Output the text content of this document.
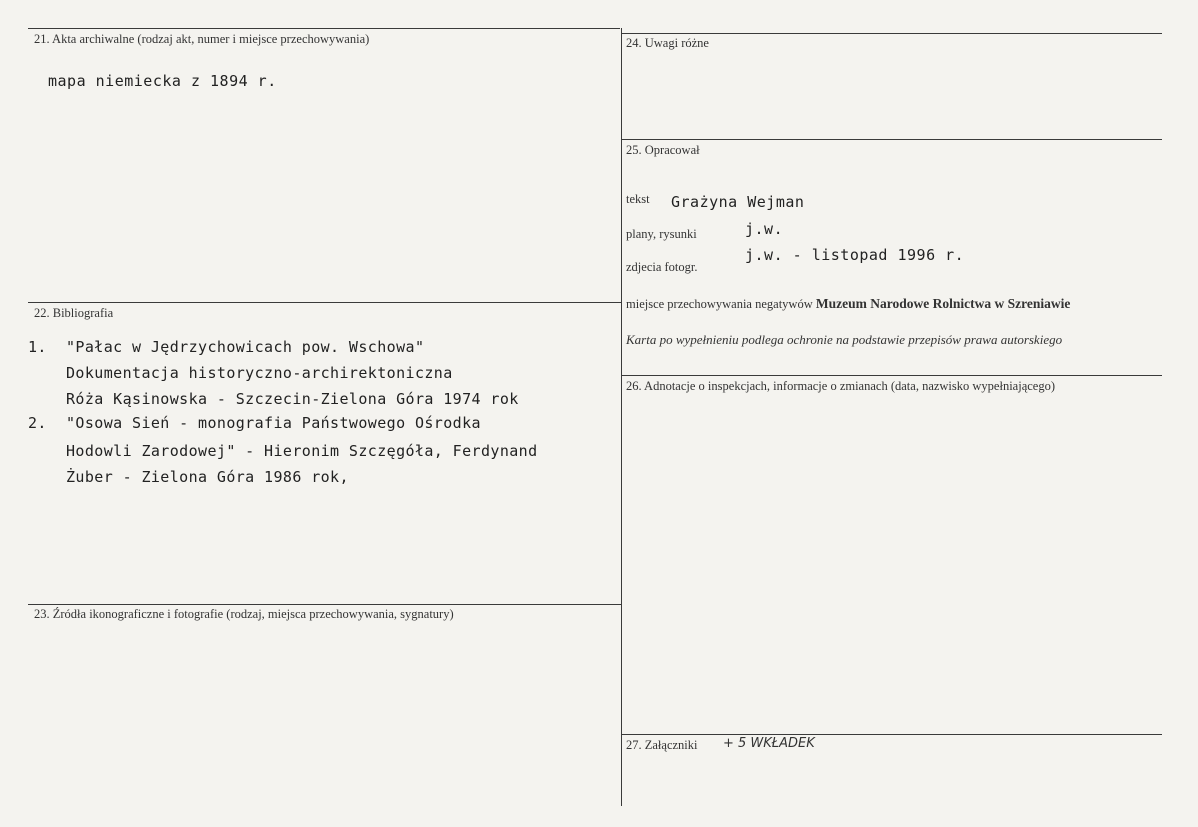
21. Akta archiwalne (rodzaj akt, numer i miejsce przechowywania)
mapa niemiecka z 1894 r.
22. Bibliografia
1. "Pałac w Jędrzychowicach pow. Wschowa"
Dokumentacja historyczno-archirektoniczna
Róża Kąsinowska - Szczecin-Zielona Góra 1974 rok
2. "Osowa Sień - monografia Państwowego Ośrodka
Hodowli Zarodowej" - Hieronim Szczęgóła, Ferdynand
Żuber - Zielona Góra 1986 rok,
23. Źródła ikonograficzne i fotografie (rodzaj, miejsca przechowywania, sygnatury)
24. Uwagi różne
25. Opracował
tekst Grażyna Wejman
plany, rysunki	j.w.
zdjecia fotogr.
j.w. - listopad 1996 r.
miejsce przechowywania negatywów Muzeum Narodowe Rolnictwa w Szreniawie
Karta po wypełnieniu podlega ochronie na podstawie przepisów prawa autorskiego
26. Adnotacje o inspekcjach, informacje o zmianach (data, nazwisko wypełniającego)
27. Załączniki + 5 WKŁADEK
